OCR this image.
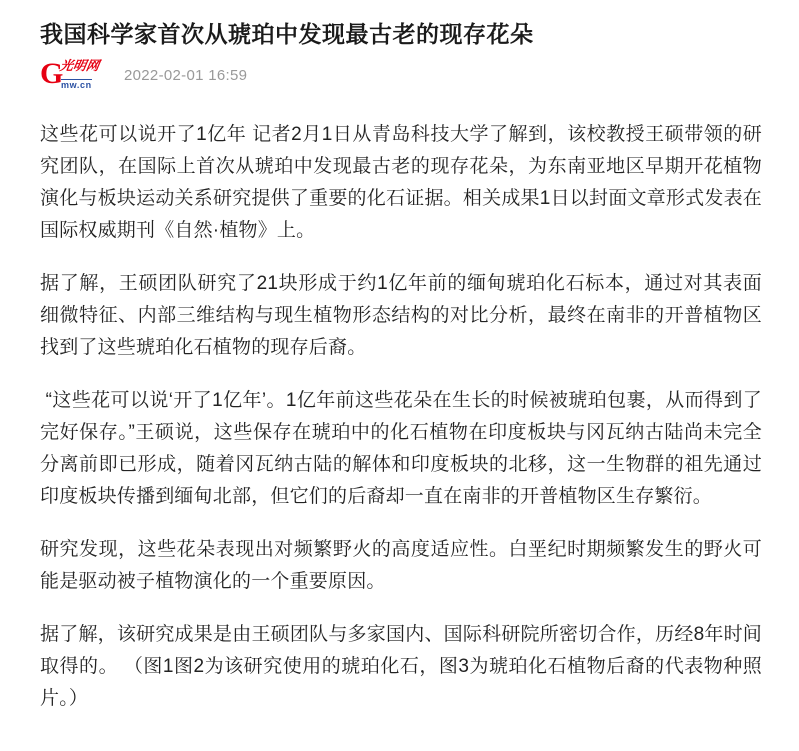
我国科学家首次从琥珀中发现最古老的现存花朵
G
光明网
mw.cn
2022-02-01 16:59

这些花可以说开了1亿年 记者2月1日从青岛科技大学了解到，该校教授王硕带领的研究团队，在国际上首次从琥珀中发现最古老的现存花朵，为东南亚地区早期开花植物演化与板块运动关系研究提供了重要的化石证据。相关成果1日以封面文章形式发表在国际权威期刊《自然·植物》上。

据了解，王硕团队研究了21块形成于约1亿年前的缅甸琥珀化石标本，通过对其表面细微特征、内部三维结构与现生植物形态结构的对比分析，最终在南非的开普植物区找到了这些琥珀化石植物的现存后裔。

“这些花可以说‘开了1亿年’。1亿年前这些花朵在生长的时候被琥珀包裹，从而得到了完好保存。”王硕说，这些保存在琥珀中的化石植物在印度板块与冈瓦纳古陆尚未完全分离前即已形成，随着冈瓦纳古陆的解体和印度板块的北移，这一生物群的祖先通过印度板块传播到缅甸北部，但它们的后裔却一直在南非的开普植物区生存繁衍。

研究发现，这些花朵表现出对频繁野火的高度适应性。白垩纪时期频繁发生的野火可能是驱动被子植物演化的一个重要原因。

据了解，该研究成果是由王硕团队与多家国内、国际科研院所密切合作，历经8年时间取得的。 （图1图2为该研究使用的琥珀化石，图3为琥珀化石植物后裔的代表物种照片。）
